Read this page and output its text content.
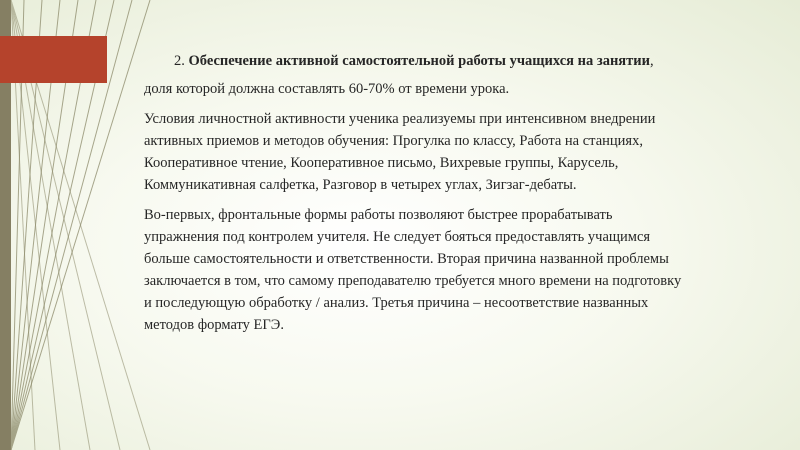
2. Обеспечение активной самостоятельной работы учащихся на занятии,

доля которой должна составлять 60-70% от времени урока.

Условия личностной активности ученика реализуемы при интенсивном внедрении активных приемов и методов обучения: Прогулка по классу, Работа на станциях, Кооперативное чтение, Кооперативное письмо, Вихревые группы, Карусель, Коммуникативная салфетка, Разговор в четырех углах, Зигзаг-дебаты.

Во-первых, фронтальные формы работы позволяют быстрее прорабатывать упражнения под контролем учителя. Не следует бояться предоставлять учащимся больше самостоятельности и ответственности. Вторая причина названной проблемы заключается в том, что самому преподавателю требуется много времени на подготовку и последующую обработку / анализ. Третья причина – несоответствие названных методов формату ЕГЭ.
